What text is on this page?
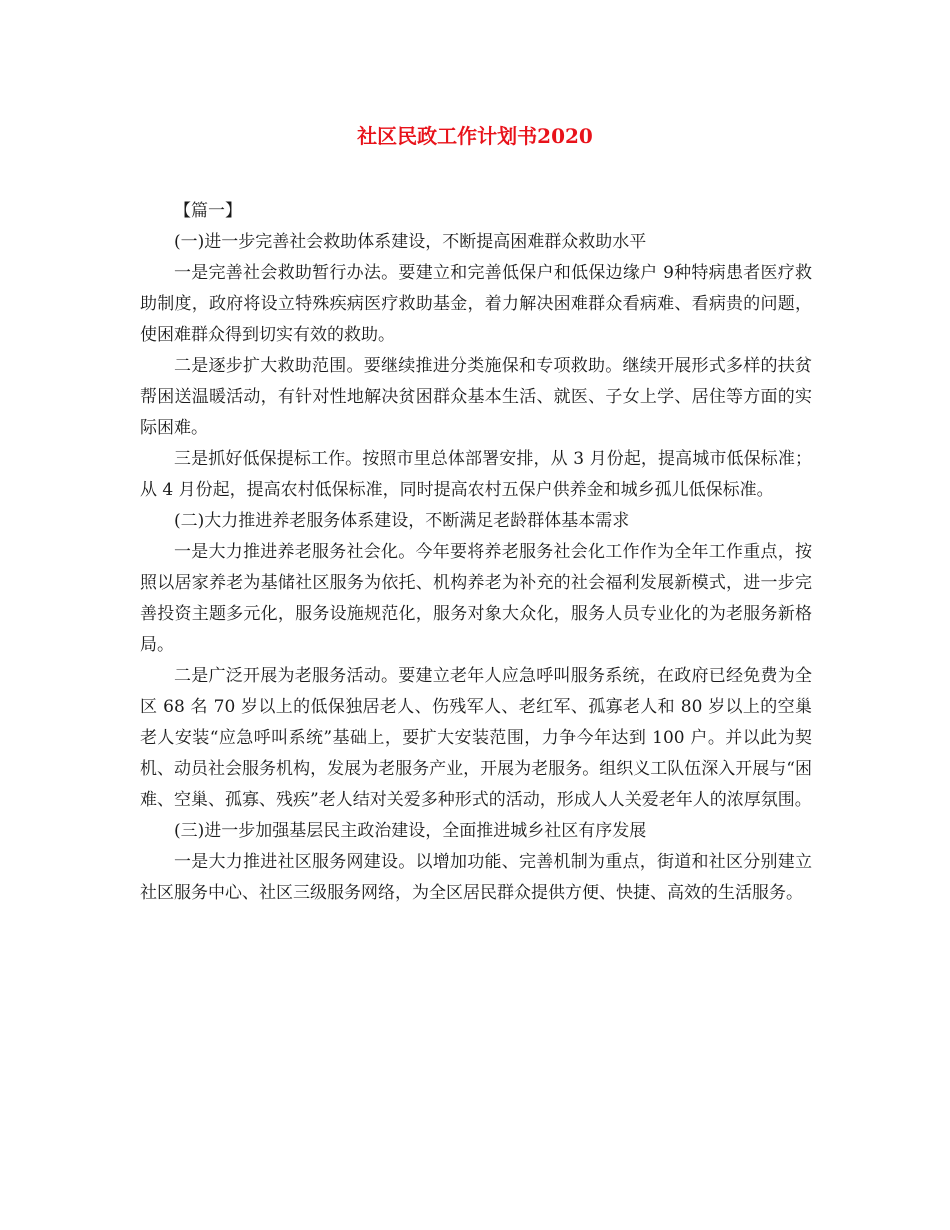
社区民政工作计划书2020

【篇一】

(一)进一步完善社会救助体系建设，不断提高困难群众救助水平

一是完善社会救助暂行办法。要建立和完善低保户和低保边缘户 9种特病患者医疗救助制度，政府将设立特殊疾病医疗救助基金，着力解决困难群众看病难、看病贵的问题，使困难群众得到切实有效的救助。

二是逐步扩大救助范围。要继续推进分类施保和专项救助。继续开展形式多样的扶贫帮困送温暖活动，有针对性地解决贫困群众基本生活、就医、子女上学、居住等方面的实际困难。

三是抓好低保提标工作。按照市里总体部署安排，从 3 月份起，提高城市低保标准；从 4 月份起，提高农村低保标准，同时提高农村五保户供养金和城乡孤儿低保标准。

(二)大力推进养老服务体系建设，不断满足老龄群体基本需求

一是大力推进养老服务社会化。今年要将养老服务社会化工作作为全年工作重点，按照以居家养老为基储社区服务为依托、机构养老为补充的社会福利发展新模式，进一步完善投资主题多元化，服务设施规范化，服务对象大众化，服务人员专业化的为老服务新格局。

二是广泛开展为老服务活动。要建立老年人应急呼叫服务系统，在政府已经免费为全区 68 名 70 岁以上的低保独居老人、伤残军人、老红军、孤寡老人和 80 岁以上的空巢老人安装“应急呼叫系统”基础上，要扩大安装范围，力争今年达到 100 户。并以此为契机、动员社会服务机构，发展为老服务产业，开展为老服务。组织义工队伍深入开展与“困难、空巢、孤寡、残疾”老人结对关爱多种形式的活动，形成人人关爱老年人的浓厚氛围。

(三)进一步加强基层民主政治建设，全面推进城乡社区有序发展

一是大力推进社区服务网建设。以增加功能、完善机制为重点，街道和社区分别建立社区服务中心、社区三级服务网络，为全区居民群众提供方便、快捷、高效的生活服务。
